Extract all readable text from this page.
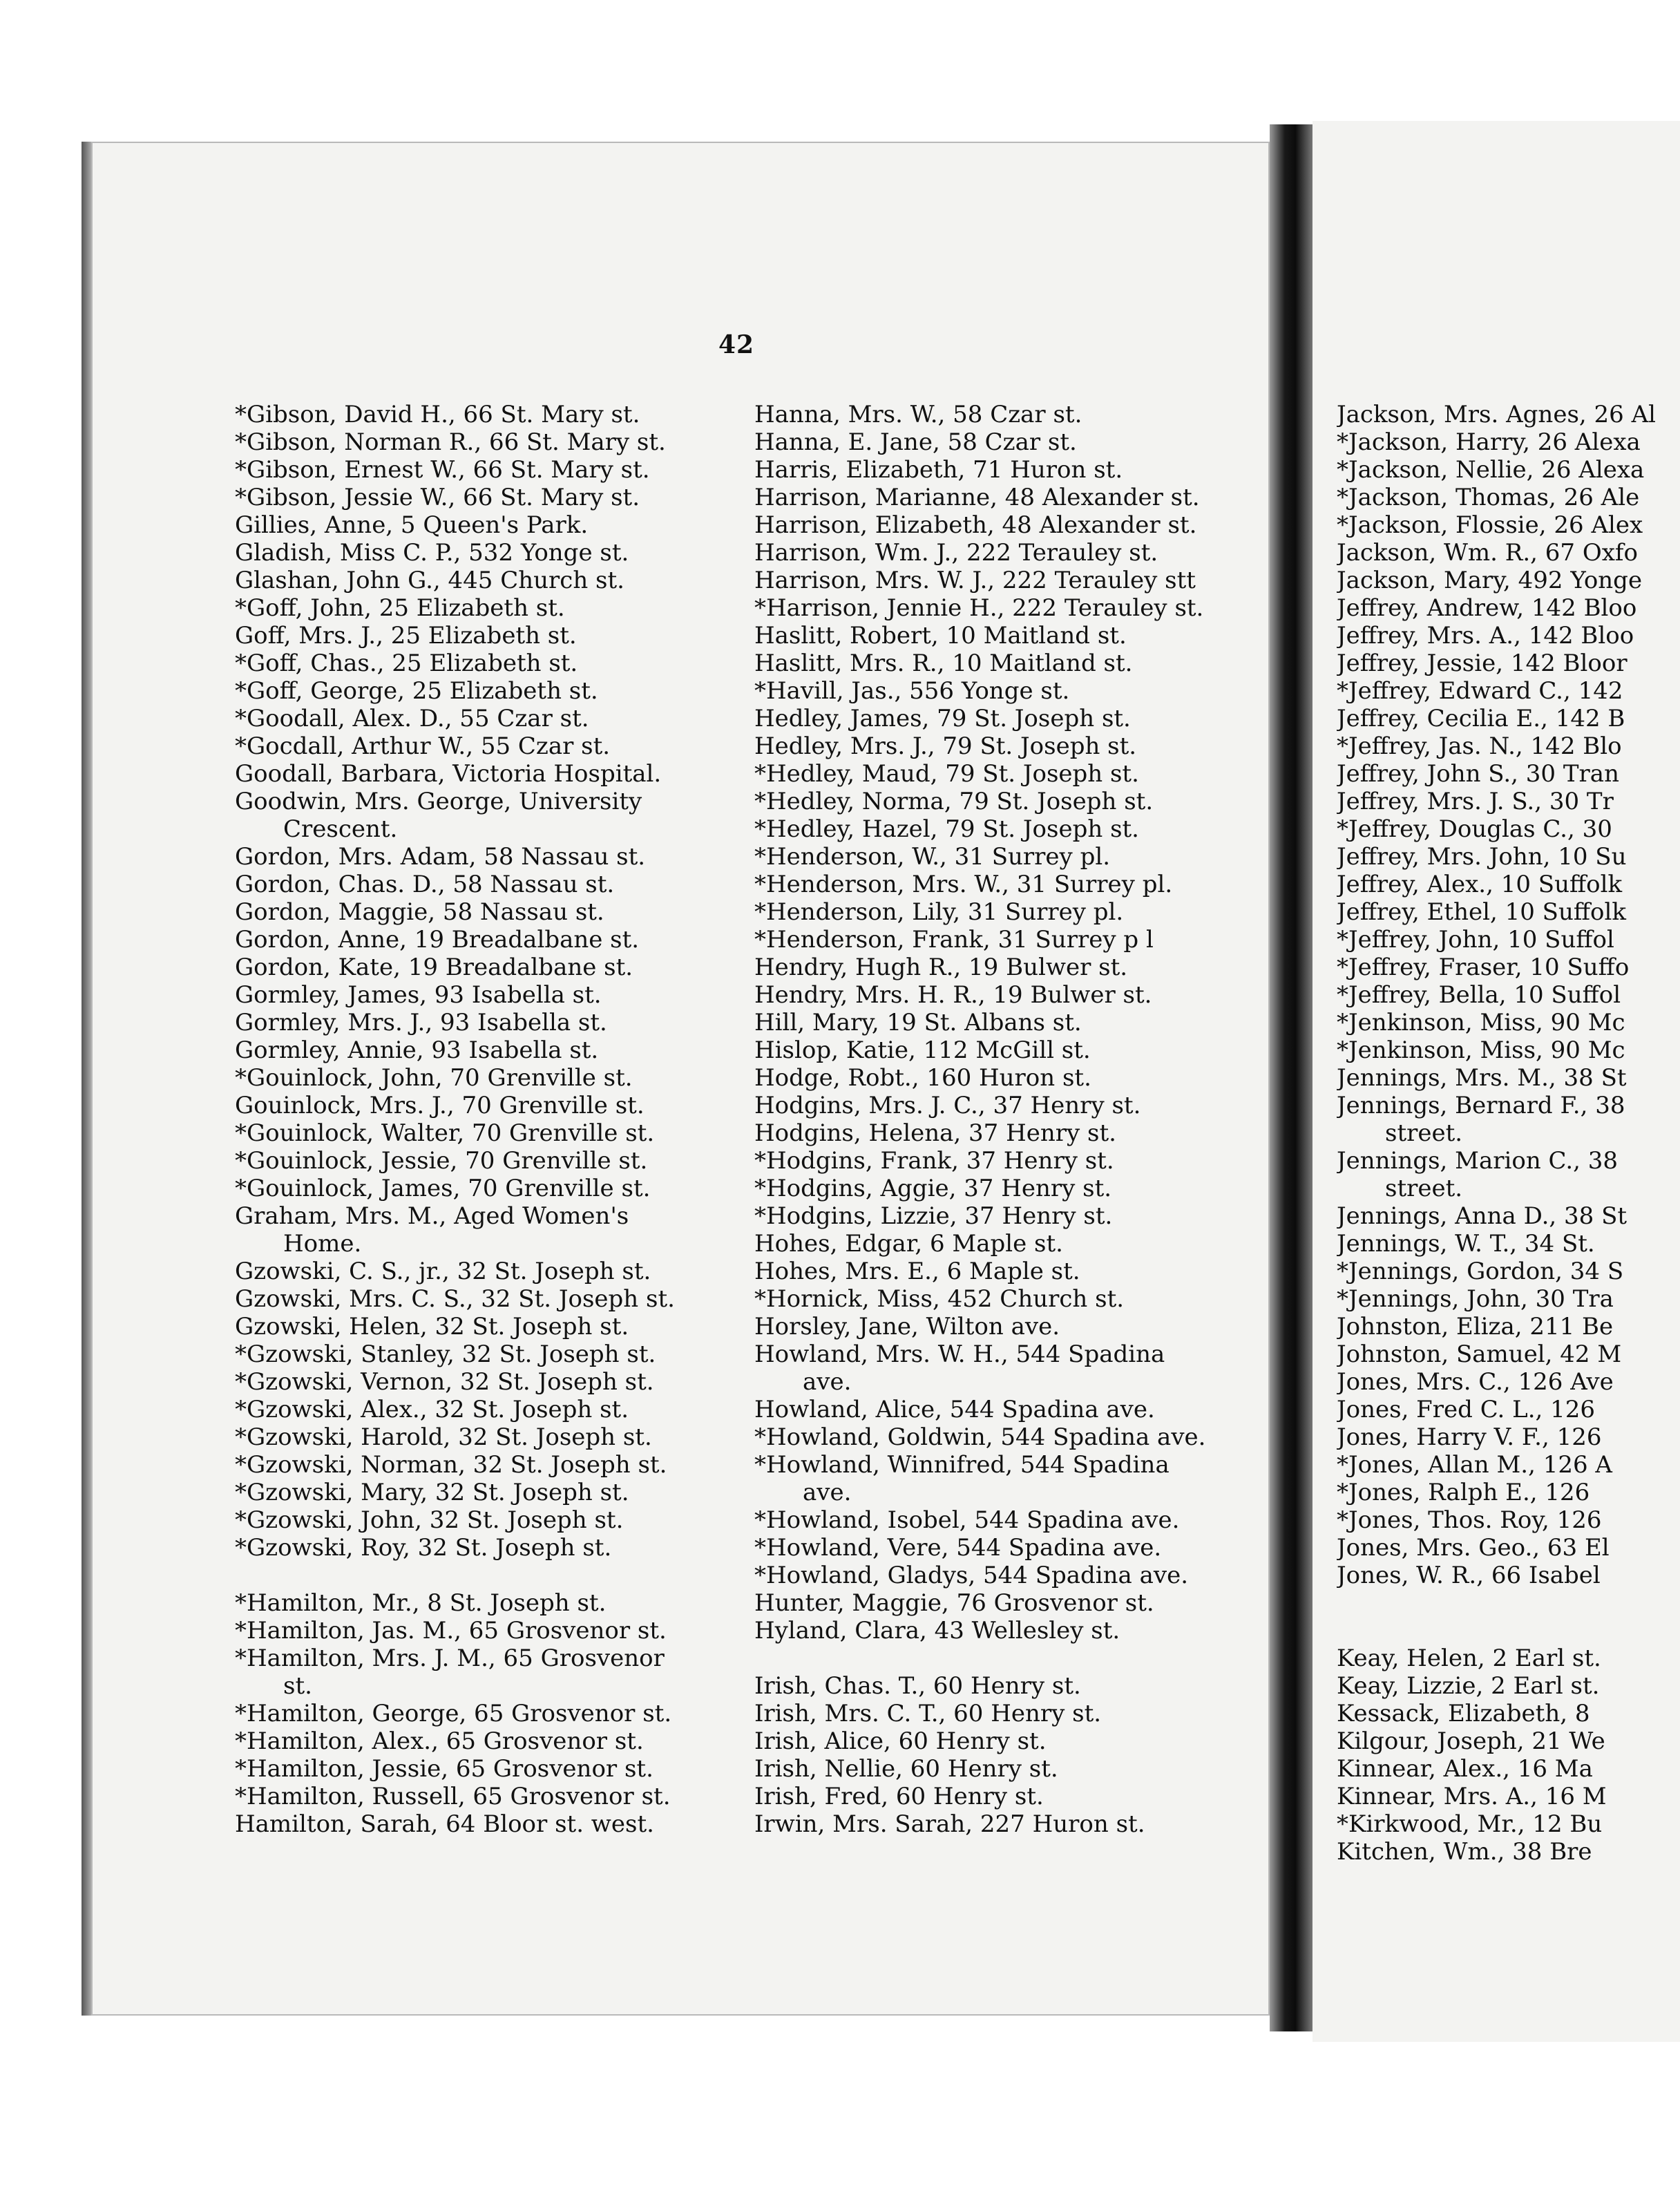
42
*Gibson, David H., 66 St. Mary st.
*Gibson, Norman R., 66 St. Mary st.
*Gibson, Ernest W., 66 St. Mary st.
*Gibson, Jessie W., 66 St. Mary st.
Gillies, Anne, 5 Queen's Park.
Gladish, Miss C. P., 532 Yonge st.
Glashan, John G., 445 Church st.
*Goff, John, 25 Elizabeth st.
Goff, Mrs. J., 25 Elizabeth st.
*Goff, Chas., 25 Elizabeth st.
*Goff, George, 25 Elizabeth st.
*Goodall, Alex. D., 55 Czar st.
*Gocdall, Arthur W., 55 Czar st.
Goodall, Barbara, Victoria Hospital.
Goodwin, Mrs. George, University
Crescent.
Gordon, Mrs. Adam, 58 Nassau st.
Gordon, Chas. D., 58 Nassau st.
Gordon, Maggie, 58 Nassau st.
Gordon, Anne, 19 Breadalbane st.
Gordon, Kate, 19 Breadalbane st.
Gormley, James, 93 Isabella st.
Gormley, Mrs. J., 93 Isabella st.
Gormley, Annie, 93 Isabella st.
*Gouinlock, John, 70 Grenville st.
Gouinlock, Mrs. J., 70 Grenville st.
*Gouinlock, Walter, 70 Grenville st.
*Gouinlock, Jessie, 70 Grenville st.
*Gouinlock, James, 70 Grenville st.
Graham, Mrs. M., Aged Women's
Home.
Gzowski, C. S., jr., 32 St. Joseph st.
Gzowski, Mrs. C. S., 32 St. Joseph st.
Gzowski, Helen, 32 St. Joseph st.
*Gzowski, Stanley, 32 St. Joseph st.
*Gzowski, Vernon, 32 St. Joseph st.
*Gzowski, Alex., 32 St. Joseph st.
*Gzowski, Harold, 32 St. Joseph st.
*Gzowski, Norman, 32 St. Joseph st.
*Gzowski, Mary, 32 St. Joseph st.
*Gzowski, John, 32 St. Joseph st.
*Gzowski, Roy, 32 St. Joseph st.
*Hamilton, Mr., 8 St. Joseph st.
*Hamilton, Jas. M., 65 Grosvenor st.
*Hamilton, Mrs. J. M., 65 Grosvenor
st.
*Hamilton, George, 65 Grosvenor st.
*Hamilton, Alex., 65 Grosvenor st.
*Hamilton, Jessie, 65 Grosvenor st.
*Hamilton, Russell, 65 Grosvenor st.
Hamilton, Sarah, 64 Bloor st. west.
Hanna, Mrs. W., 58 Czar st.
Hanna, E. Jane, 58 Czar st.
Harris, Elizabeth, 71 Huron st.
Harrison, Marianne, 48 Alexander st.
Harrison, Elizabeth, 48 Alexander st.
Harrison, Wm. J., 222 Terauley st.
Harrison, Mrs. W. J., 222 Terauley stt
*Harrison, Jennie H., 222 Terauley st.
Haslitt, Robert, 10 Maitland st.
Haslitt, Mrs. R., 10 Maitland st.
*Havill, Jas., 556 Yonge st.
Hedley, James, 79 St. Joseph st.
Hedley, Mrs. J., 79 St. Joseph st.
*Hedley, Maud, 79 St. Joseph st.
*Hedley, Norma, 79 St. Joseph st.
*Hedley, Hazel, 79 St. Joseph st.
*Henderson, W., 31 Surrey pl.
*Henderson, Mrs. W., 31 Surrey pl.
*Henderson, Lily, 31 Surrey pl.
*Henderson, Frank, 31 Surrey p l
Hendry, Hugh R., 19 Bulwer st.
Hendry, Mrs. H. R., 19 Bulwer st.
Hill, Mary, 19 St. Albans st.
Hislop, Katie, 112 McGill st.
Hodge, Robt., 160 Huron st.
Hodgins, Mrs. J. C., 37 Henry st.
Hodgins, Helena, 37 Henry st.
*Hodgins, Frank, 37 Henry st.
*Hodgins, Aggie, 37 Henry st.
*Hodgins, Lizzie, 37 Henry st.
Hohes, Edgar, 6 Maple st.
Hohes, Mrs. E., 6 Maple st.
*Hornick, Miss, 452 Church st.
Horsley, Jane, Wilton ave.
Howland, Mrs. W. H., 544 Spadina
ave.
Howland, Alice, 544 Spadina ave.
*Howland, Goldwin, 544 Spadina ave.
*Howland, Winnifred, 544 Spadina
ave.
*Howland, Isobel, 544 Spadina ave.
*Howland, Vere, 544 Spadina ave.
*Howland, Gladys, 544 Spadina ave.
Hunter, Maggie, 76 Grosvenor st.
Hyland, Clara, 43 Wellesley st.
Irish, Chas. T., 60 Henry st.
Irish, Mrs. C. T., 60 Henry st.
Irish, Alice, 60 Henry st.
Irish, Nellie, 60 Henry st.
Irish, Fred, 60 Henry st.
Irwin, Mrs. Sarah, 227 Huron st.
Jackson, Mrs. Agnes, 26 Al
*Jackson, Harry, 26 Alexa
*Jackson, Nellie, 26 Alexa
*Jackson, Thomas, 26 Ale
*Jackson, Flossie, 26 Alex
Jackson, Wm. R., 67 Oxfo
Jackson, Mary, 492 Yonge
Jeffrey, Andrew, 142 Bloo
Jeffrey, Mrs. A., 142 Bloo
Jeffrey, Jessie, 142 Bloor
*Jeffrey, Edward C., 142
Jeffrey, Cecilia E., 142 B
*Jeffrey, Jas. N., 142 Blo
Jeffrey, John S., 30 Tran
Jeffrey, Mrs. J. S., 30 Tr
*Jeffrey, Douglas C., 30
Jeffrey, Mrs. John, 10 Su
Jeffrey, Alex., 10 Suffolk
Jeffrey, Ethel, 10 Suffolk
*Jeffrey, John, 10 Suffol
*Jeffrey, Fraser, 10 Suffo
*Jeffrey, Bella, 10 Suffol
*Jenkinson, Miss, 90 Mc
*Jenkinson, Miss, 90 Mc
Jennings, Mrs. M., 38 St
Jennings, Bernard F., 38
street.
Jennings, Marion C., 38
street.
Jennings, Anna D., 38 St
Jennings, W. T., 34 St.
*Jennings, Gordon, 34 S
*Jennings, John, 30 Tra
Johnston, Eliza, 211 Be
Johnston, Samuel, 42 M
Jones, Mrs. C., 126 Ave
Jones, Fred C. L., 126
Jones, Harry V. F., 126
*Jones, Allan M., 126 A
*Jones, Ralph E., 126
*Jones, Thos. Roy, 126
Jones, Mrs. Geo., 63 El
Jones, W. R., 66 Isabel
Keay, Helen, 2 Earl st.
Keay, Lizzie, 2 Earl st.
Kessack, Elizabeth, 8
Kilgour, Joseph, 21 We
Kinnear, Alex., 16 Ma
Kinnear, Mrs. A., 16 M
*Kirkwood, Mr., 12 Bu
Kitchen, Wm., 38 Bre
